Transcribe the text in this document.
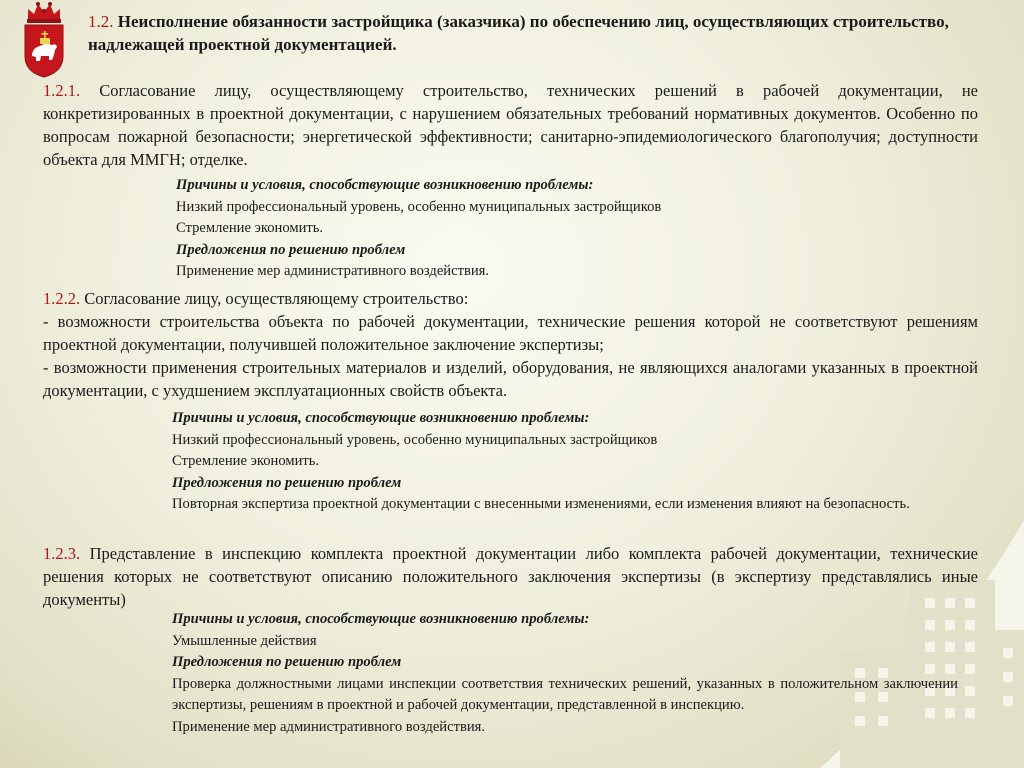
1.2. Неисполнение обязанности застройщика (заказчика) по обеспечению лиц, осуществляющих строительство, надлежащей проектной документацией.

1.2.1. Согласование лицу, осуществляющему строительство, технических решений в рабочей документации, не конкретизированных в проектной документации, с нарушением обязательных требований нормативных документов. Особенно по вопросам пожарной безопасности; энергетической эффективности; санитарно-эпидемиологического благополучия; доступности объекта для ММГН; отделке.

Причины и условия, способствующие возникновению проблемы:

Низкий профессиональный уровень, особенно муниципальных застройщиков

Стремление экономить.

Предложения по решению проблем

Применение мер административного воздействия.

1.2.2. Согласование лицу, осуществляющему строительство:

- возможности строительства объекта по рабочей документации, технические решения которой не соответствуют решениям проектной документации, получившей положительное заключение экспертизы;

- возможности применения строительных материалов и изделий, оборудования, не являющихся аналогами указанных в проектной документации, с ухудшением эксплуатационных свойств объекта.

Причины и условия, способствующие возникновению проблемы:

Низкий профессиональный уровень, особенно муниципальных застройщиков

Стремление экономить.

Предложения по решению проблем

Повторная экспертиза проектной документации с внесенными изменениями, если изменения влияют на безопасность.

1.2.3. Представление в инспекцию комплекта проектной документации либо комплекта рабочей документации, технические решения которых не соответствуют описанию положительного заключения экспертизы (в экспертизу представлялись иные документы)

Причины и условия, способствующие возникновению проблемы:

Умышленные действия

Предложения по решению проблем

Проверка должностными лицами инспекции соответствия технических решений, указанных в положительном заключении экспертизы, решениям в проектной и рабочей документации, представленной в инспекцию.

Применение мер административного воздействия.
